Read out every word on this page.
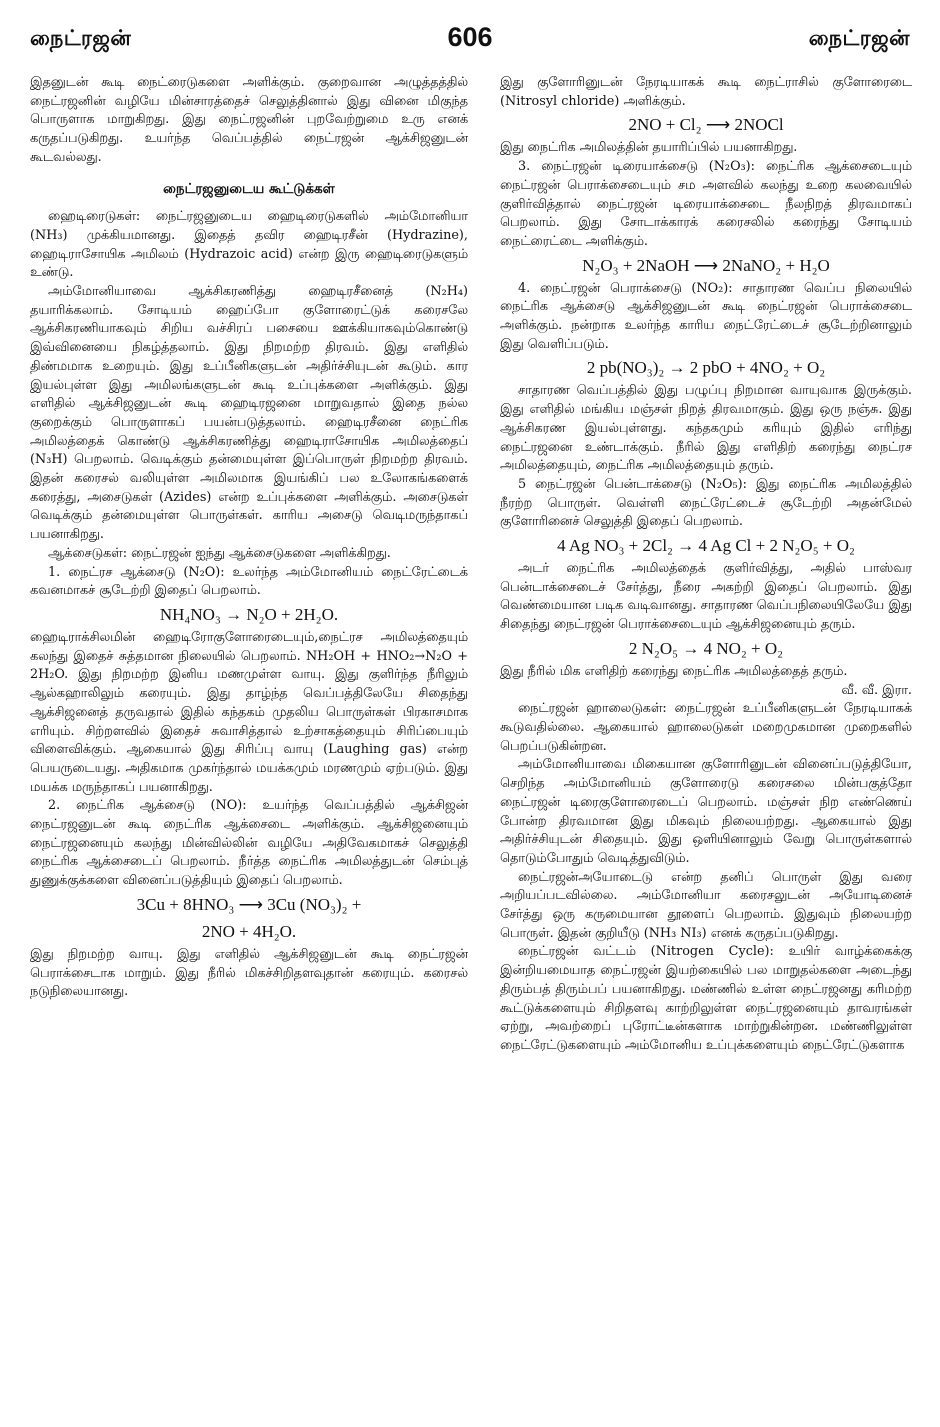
நைட்ரஜன்	606	நைட்ரஜன்

இதனுடன் கூடி நைட்ரைடுகளை அளிக்கும். குறைவான அழுத்தத்தில் நைட்ரஜனின் வழியே மின்சாரத்தைச் செலுத்தினால் இது வினை மிகுந்த பொருளாக மாறுகிறது. இது நைட்ரஜனின் புறவேற்றுமை உரு எனக் கருதப்படுகிறது. உயர்ந்த வெப்பத்தில் நைட்ரஜன் ஆக்சிஜனுடன் கூடவல்லது.

நைட்ரஜனுடைய கூட்டுக்கள்

ஹைடிரைடுகள்: நைட்ரஜனுடைய ஹைடிரைடுகளில் அம்மோனியா (NH₃) முக்கியமானது. இதைத் தவிர ஹைடிரசீன் (Hydrazine), ஹைடிராசோயிக அமிலம் (Hydrazoic acid) என்ற இரு ஹைடிரைடுகளும் உண்டு.

அம்மோனியாவை ஆக்சிகரணித்து ஹைடிரசீனைத் (N₂H₄) தயாரிக்கலாம். சோடியம் ஹைப்போ குளோரைட்டுக் கரைசலே ஆக்சிகரணியாகவும் சிறிய வச்சிரப் பசையை ஊக்கியாகவும்கொண்டு இவ்வினையை நிகழ்த்தலாம். இது நிறமற்ற திரவம். இது எளிதில் திண்மமாக உறையும். இது உப்பீனிகளுடன் அதிர்ச்சியுடன் கூடும். கார இயல்புள்ள இது அமிலங்களுடன் கூடி உப்புக்களை அளிக்கும். இது எளிதில் ஆக்சிஜனுடன் கூடி ஹைடிரஜனை மாறுவதால் இதை நல்ல குறைக்கும் பொருளாகப் பயன்படுத்தலாம். ஹைடிரசீனை நைட்ரிக அமிலத்தைக் கொண்டு ஆக்சிகரணித்து ஹைடிராசோயிக அமிலத்தைப் (N₃H) பெறலாம். வெடிக்கும் தன்மையுள்ள இப்பொருள் நிறமற்ற திரவம். இதன் கரைசல் வலியுள்ள அமிலமாக இயங்கிப் பல உலோகங்களைக் கரைத்து, அசைடுகள் (Azides) என்ற உப்புக்களை அளிக்கும். அசைடுகள் வெடிக்கும் தன்மையுள்ள பொருள்கள். காரிய அசைடு வெடிமருந்தாகப் பயனாகிறது.

ஆக்சைடுகள்: நைட்ரஜன் ஐந்து ஆக்சைடுகளை அளிக்கிறது.

1. நைட்ரச ஆக்சைடு (N₂O): உலர்ந்த அம்மோனியம் நைட்ரேட்டைக் கவனமாகச் சூடேற்றி இதைப் பெறலாம்.

NH₄NO₃ → N₂O + 2H₂O.

ஹைடிராக்சிலமின் ஹைடிரோகுளோரைடையும்,நைட்ரச அமிலத்தையும் கலந்து இதைச் சுத்தமான நிலையில் பெறலாம். NH₂OH + HNO₂→N₂O + 2H₂O. இது நிறமற்ற இனிய மணமுள்ள வாயு. இது குளிர்ந்த நீரிலும் ஆல்கஹாலிலும் கரையும். இது தாழ்ந்த வெப்பத்திலேயே சிதைந்து ஆக்சிஜனைத் தருவதால் இதில் கந்தகம் முதலிய பொருள்கள் பிரகாசமாக எரியும். சிற்றளவில் இதைச் சுவாசித்தால் உற்சாகத்தையும் சிரிப்பையும் விளைவிக்கும். ஆகையால் இது சிரிப்பு வாயு (Laughing gas) என்ற பெயருடையது. அதிகமாக முகர்ந்தால் மயக்கமும் மரணமும் ஏற்படும். இது மயக்க மருந்தாகப் பயனாகிறது.

2. நைட்ரிக ஆக்சைடு (NO): உயர்ந்த வெப்பத்தில் ஆக்சிஜன் நைட்ரஜனுடன் கூடி நைட்ரிக ஆக்சைடை அளிக்கும். ஆக்சிஜனையும் நைட்ரஜனையும் கலந்து மின்வில்லின் வழியே அதிவேகமாகச் செலுத்தி நைட்ரிக ஆக்சைடைப் பெறலாம். நீர்த்த நைட்ரிக அமிலத்துடன் செம்புத் துணுக்குக்களை வினைப்படுத்தியும் இதைப் பெறலாம்.

3Cu + 8HNO₃ ⟶ 3Cu (NO₃)₂ +

2NO + 4H₂O.

இது நிறமற்ற வாயு. இது எளிதில் ஆக்சிஜனுடன் கூடி நைட்ரஜன் பெராக்சைடாக மாறும். இது நீரில் மிகச்சிறிதளவுதான் கரையும். கரைசல் நடுநிலையானது.

இது குளோரினுடன் நேரடியாகக் கூடி நைட்ராசில் குளோரைடை (Nitrosyl chloride) அளிக்கும்.

2NO + Cl₂ ⟶ 2NOCl

இது நைட்ரிக அமிலத்தின் தயாரிப்பில் பயனாகிறது.

3. நைட்ரஜன் டிரையாக்சைடு (N₂O₃): நைட்ரிக ஆக்சைடையும் நைட்ரஜன் பெராக்சைடையும் சம அளவில் கலந்து உறை கலவையில் குளிர்வித்தால் நைட்ரஜன் டிரையாக்சைடை நீலநிறத் திரவமாகப் பெறலாம். இது சோடாக்காரக் கரைசலில் கரைந்து சோடியம் நைட்ரைட்டை அளிக்கும்.

N₂O₃ + 2NaOH ⟶ 2NaNO₂ + H₂O

4. நைட்ரஜன் பெராக்சைடு (NO₂): சாதாரண வெப்ப நிலையில் நைட்ரிக ஆக்சைடு ஆக்சிஜனுடன் கூடி நைட்ரஜன் பெராக்சைடை அளிக்கும். நன்றாக உலர்ந்த காரிய நைட்ரேட்டைச் சூடேற்றினாலும் இது வெளிப்படும்.

2 pb(NO₃)₂ → 2 pbO + 4NO₂ + O₂

சாதாரண வெப்பத்தில் இது பழுப்பு நிறமான வாயுவாக இருக்கும். இது எளிதில் மங்கிய மஞ்சள் நிறத் திரவமாகும். இது ஒரு நஞ்சு. இது ஆக்சிகரண இயல்புள்ளது. கந்தகமும் கரியும் இதில் எரிந்து நைட்ரஜனை உண்டாக்கும். நீரில் இது எளிதிற் கரைந்து நைட்ரச அமிலத்தையும், நைட்ரிக அமிலத்தையும் தரும்.

5 நைட்ரஜன் பென்டாக்சைடு (N₂O₅): இது நைட்ரிக அமிலத்தில் நீரற்ற பொருள். வெள்ளி நைட்ரேட்டைச் சூடேற்றி அதன்மேல் குளோரினைச் செலுத்தி இதைப் பெறலாம்.

4 Ag NO₃ + 2Cl₂ → 4 Ag Cl + 2 N₂O₅ + O₂

அடர் நைட்ரிக அமிலத்தைக் குளிர்வித்து, அதில் பாஸ்வர பென்டாக்சைடைச் சேர்த்து, நீரை அகற்றி இதைப் பெறலாம். இது வெண்மையான படிக வடிவானது. சாதாரண வெப்பநிலையிலேயே இது சிதைந்து நைட்ரஜன் பெராக்சைடையும் ஆக்சிஜனையும் தரும்.

2 N₂O₅ → 4 NO₂ + O₂

இது நீரில் மிக எளிதிற் கரைந்து நைட்ரிக அமிலத்தைத் தரும்.

வீ. வீ. இரா.

நைட்ரஜன் ஹாலைடுகள்: நைட்ரஜன் உப்பீனிகளுடன் நேரடியாகக் கூடுவதில்லை. ஆகையால் ஹாலைடுகள் மறைமுகமான முறைகளில் பெறப்படுகின்றன.

அம்மோனியாவை மிகையான குளோரினுடன் வினைப்படுத்தியோ, செறிந்த அம்மோனியம் குளோரைடு கரைசலை மின்பகுத்தோ நைட்ரஜன் டிரைகுளோரைடைப் பெறலாம். மஞ்சள் நிற எண்ணெய் போன்ற திரவமான இது மிகவும் நிலையற்றது. ஆகையால் இது அதிர்ச்சியுடன் சிதையும். இது ஒளியினாலும் வேறு பொருள்களால் தொடும்போதும் வெடித்துவிடும்.

நைட்ரஜன்அயோடைடு என்ற தனிப் பொருள் இது வரை அறியப்படவில்லை. அம்மோனியா கரைசலுடன் அயோடினைச் சேர்த்து ஒரு கருமையான தூளைப் பெறலாம். இதுவும் நிலையற்ற பொருள். இதன் குறியீடு (NH₃ NI₃) எனக் கருதப்படுகிறது.

நைட்ரஜன் வட்டம் (Nitrogen Cycle): உயிர் வாழ்க்கைக்கு இன்றியமையாத நைட்ரஜன் இயற்கையில் பல மாறுதல்களை அடைந்து திரும்பத் திரும்பப் பயனாகிறது. மண்ணில் உள்ள நைட்ரஜனது கரிமற்ற கூட்டுக்களையும் சிறிதளவு காற்றிலுள்ள நைட்ரஜனையும் தாவரங்கள் ஏற்று, அவற்றைப் புரோட்டீன்களாக மாற்றுகின்றன. மண்ணிலுள்ள நைட்ரேட்டுகளையும் அம்மோனிய உப்புக்களையும் நைட்ரேட்டுகளாக
